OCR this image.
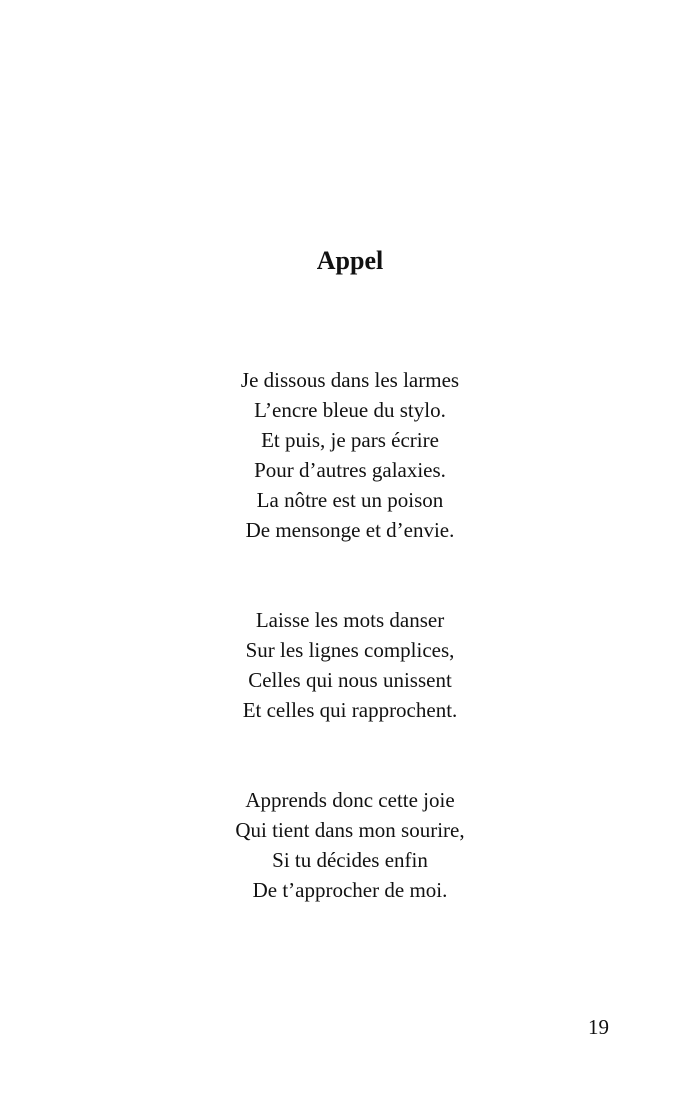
Appel
Je dissous dans les larmes
L’encre bleue du stylo.
Et puis, je pars écrire
Pour d’autres galaxies.
La nôtre est un poison
De mensonge et d’envie.
Laisse les mots danser
Sur les lignes complices,
Celles qui nous unissent
Et celles qui rapprochent.
Apprends donc cette joie
Qui tient dans mon sourire,
Si tu décides enfin
De t’approcher de moi.
19
